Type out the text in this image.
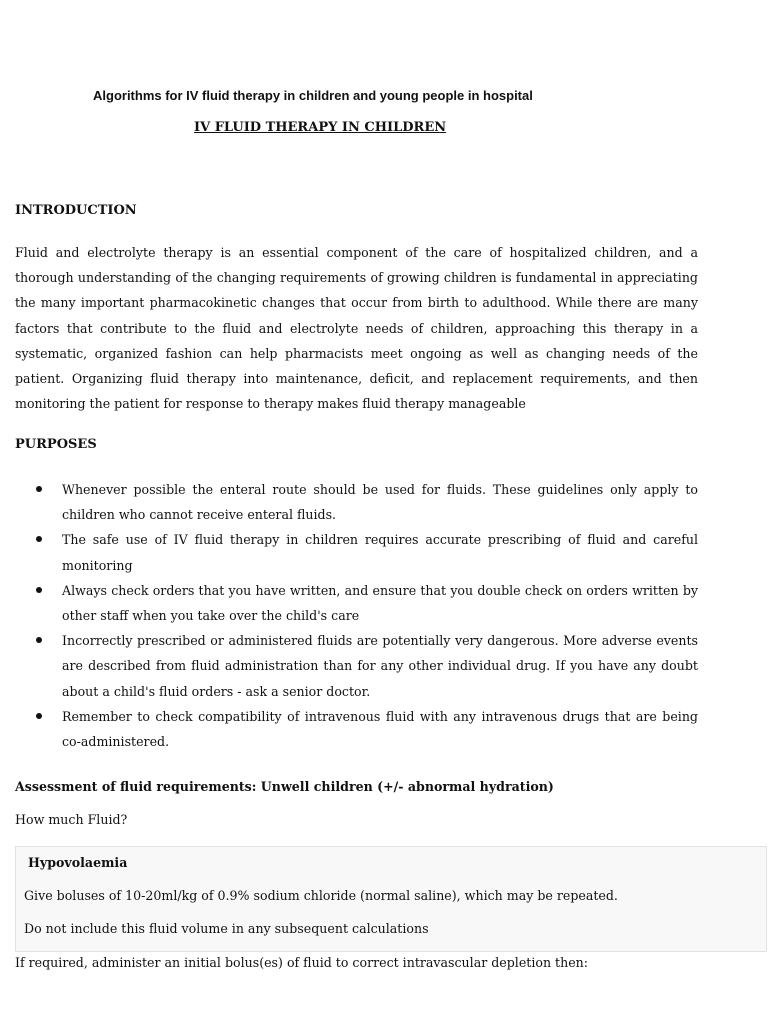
Algorithms for IV fluid therapy in children and young people in hospital
IV FLUID THERAPY IN CHILDREN
INTRODUCTION

Fluid and electrolyte therapy is an essential component of the care of hospitalized children, and a thorough understanding of the changing requirements of growing children is fundamental in appreciating the many important pharmacokinetic changes that occur from birth to adulthood. While there are many factors that contribute to the fluid and electrolyte needs of children, approaching this therapy in a systematic, organized fashion can help pharmacists meet ongoing as well as changing needs of the patient. Organizing fluid therapy into maintenance, deficit, and replacement requirements, and then monitoring the patient for response to therapy makes fluid therapy manageable

PURPOSES
Whenever possible the enteral route should be used for fluids. These guidelines only apply to children who cannot receive enteral fluids.
The safe use of IV fluid therapy in children requires accurate prescribing of fluid and careful monitoring
Always check orders that you have written, and ensure that you double check on orders written by other staff when you take over the child's care
Incorrectly prescribed or administered fluids are potentially very dangerous. More adverse events are described from fluid administration than for any other individual drug. If you have any doubt about a child's fluid orders - ask a senior doctor.
Remember to check compatibility of intravenous fluid with any intravenous drugs that are being co-administered.
Assessment of fluid requirements: Unwell children (+/- abnormal hydration)
How much Fluid?
Hypovolaemia
Give boluses of 10-20ml/kg of 0.9% sodium chloride (normal saline), which may be repeated.
Do not include this fluid volume in any subsequent calculations
If required, administer an initial bolus(es) of fluid to correct intravascular depletion then:
